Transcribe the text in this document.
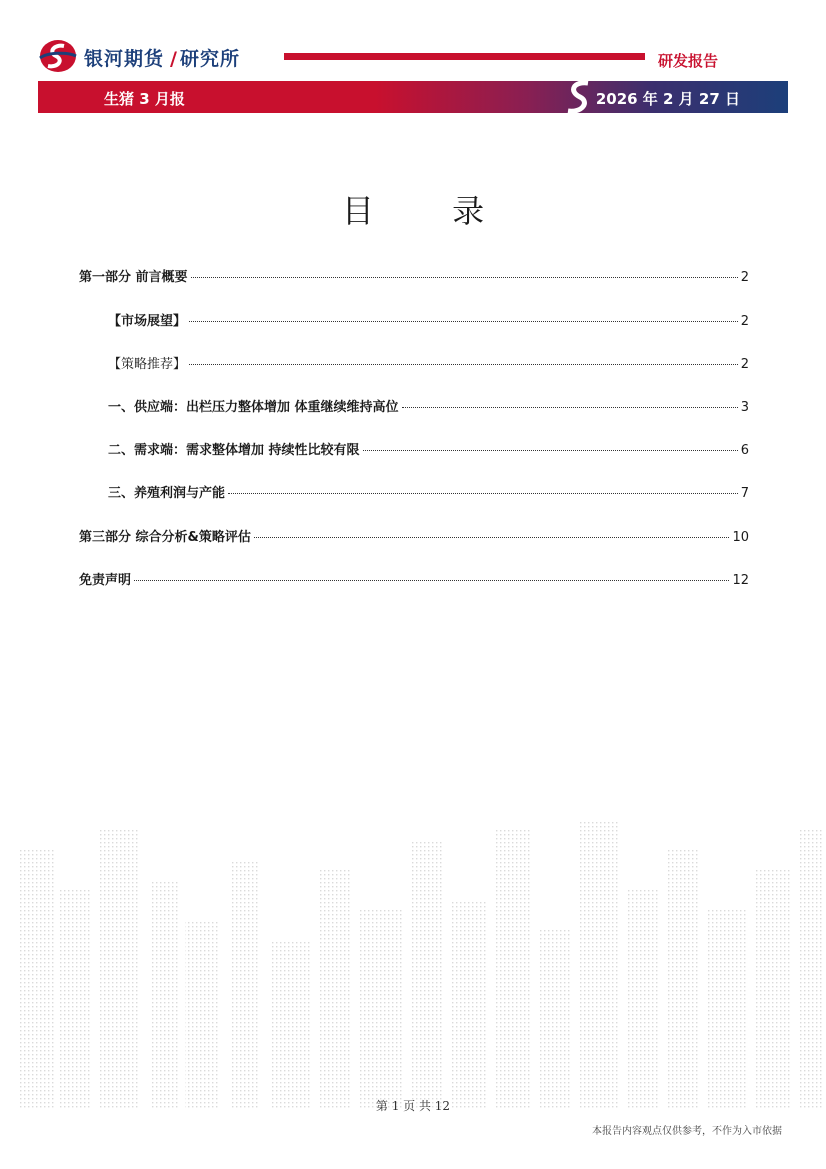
银河期货 / 研究所	研发报告
生猪 3 月报	2026 年 2 月 27 日
目 录
第一部分 前言概要	2
【市场展望】	2
【策略推荐】	2
一、供应端：出栏压力整体增加 体重继续维持高位	3
二、需求端：需求整体增加 持续性比较有限	6
三、养殖利润与产能	7
第三部分 综合分析&策略评估	10
免责声明	12
第 1 页 共 12
本报告内容观点仅供参考，不作为入市依据
